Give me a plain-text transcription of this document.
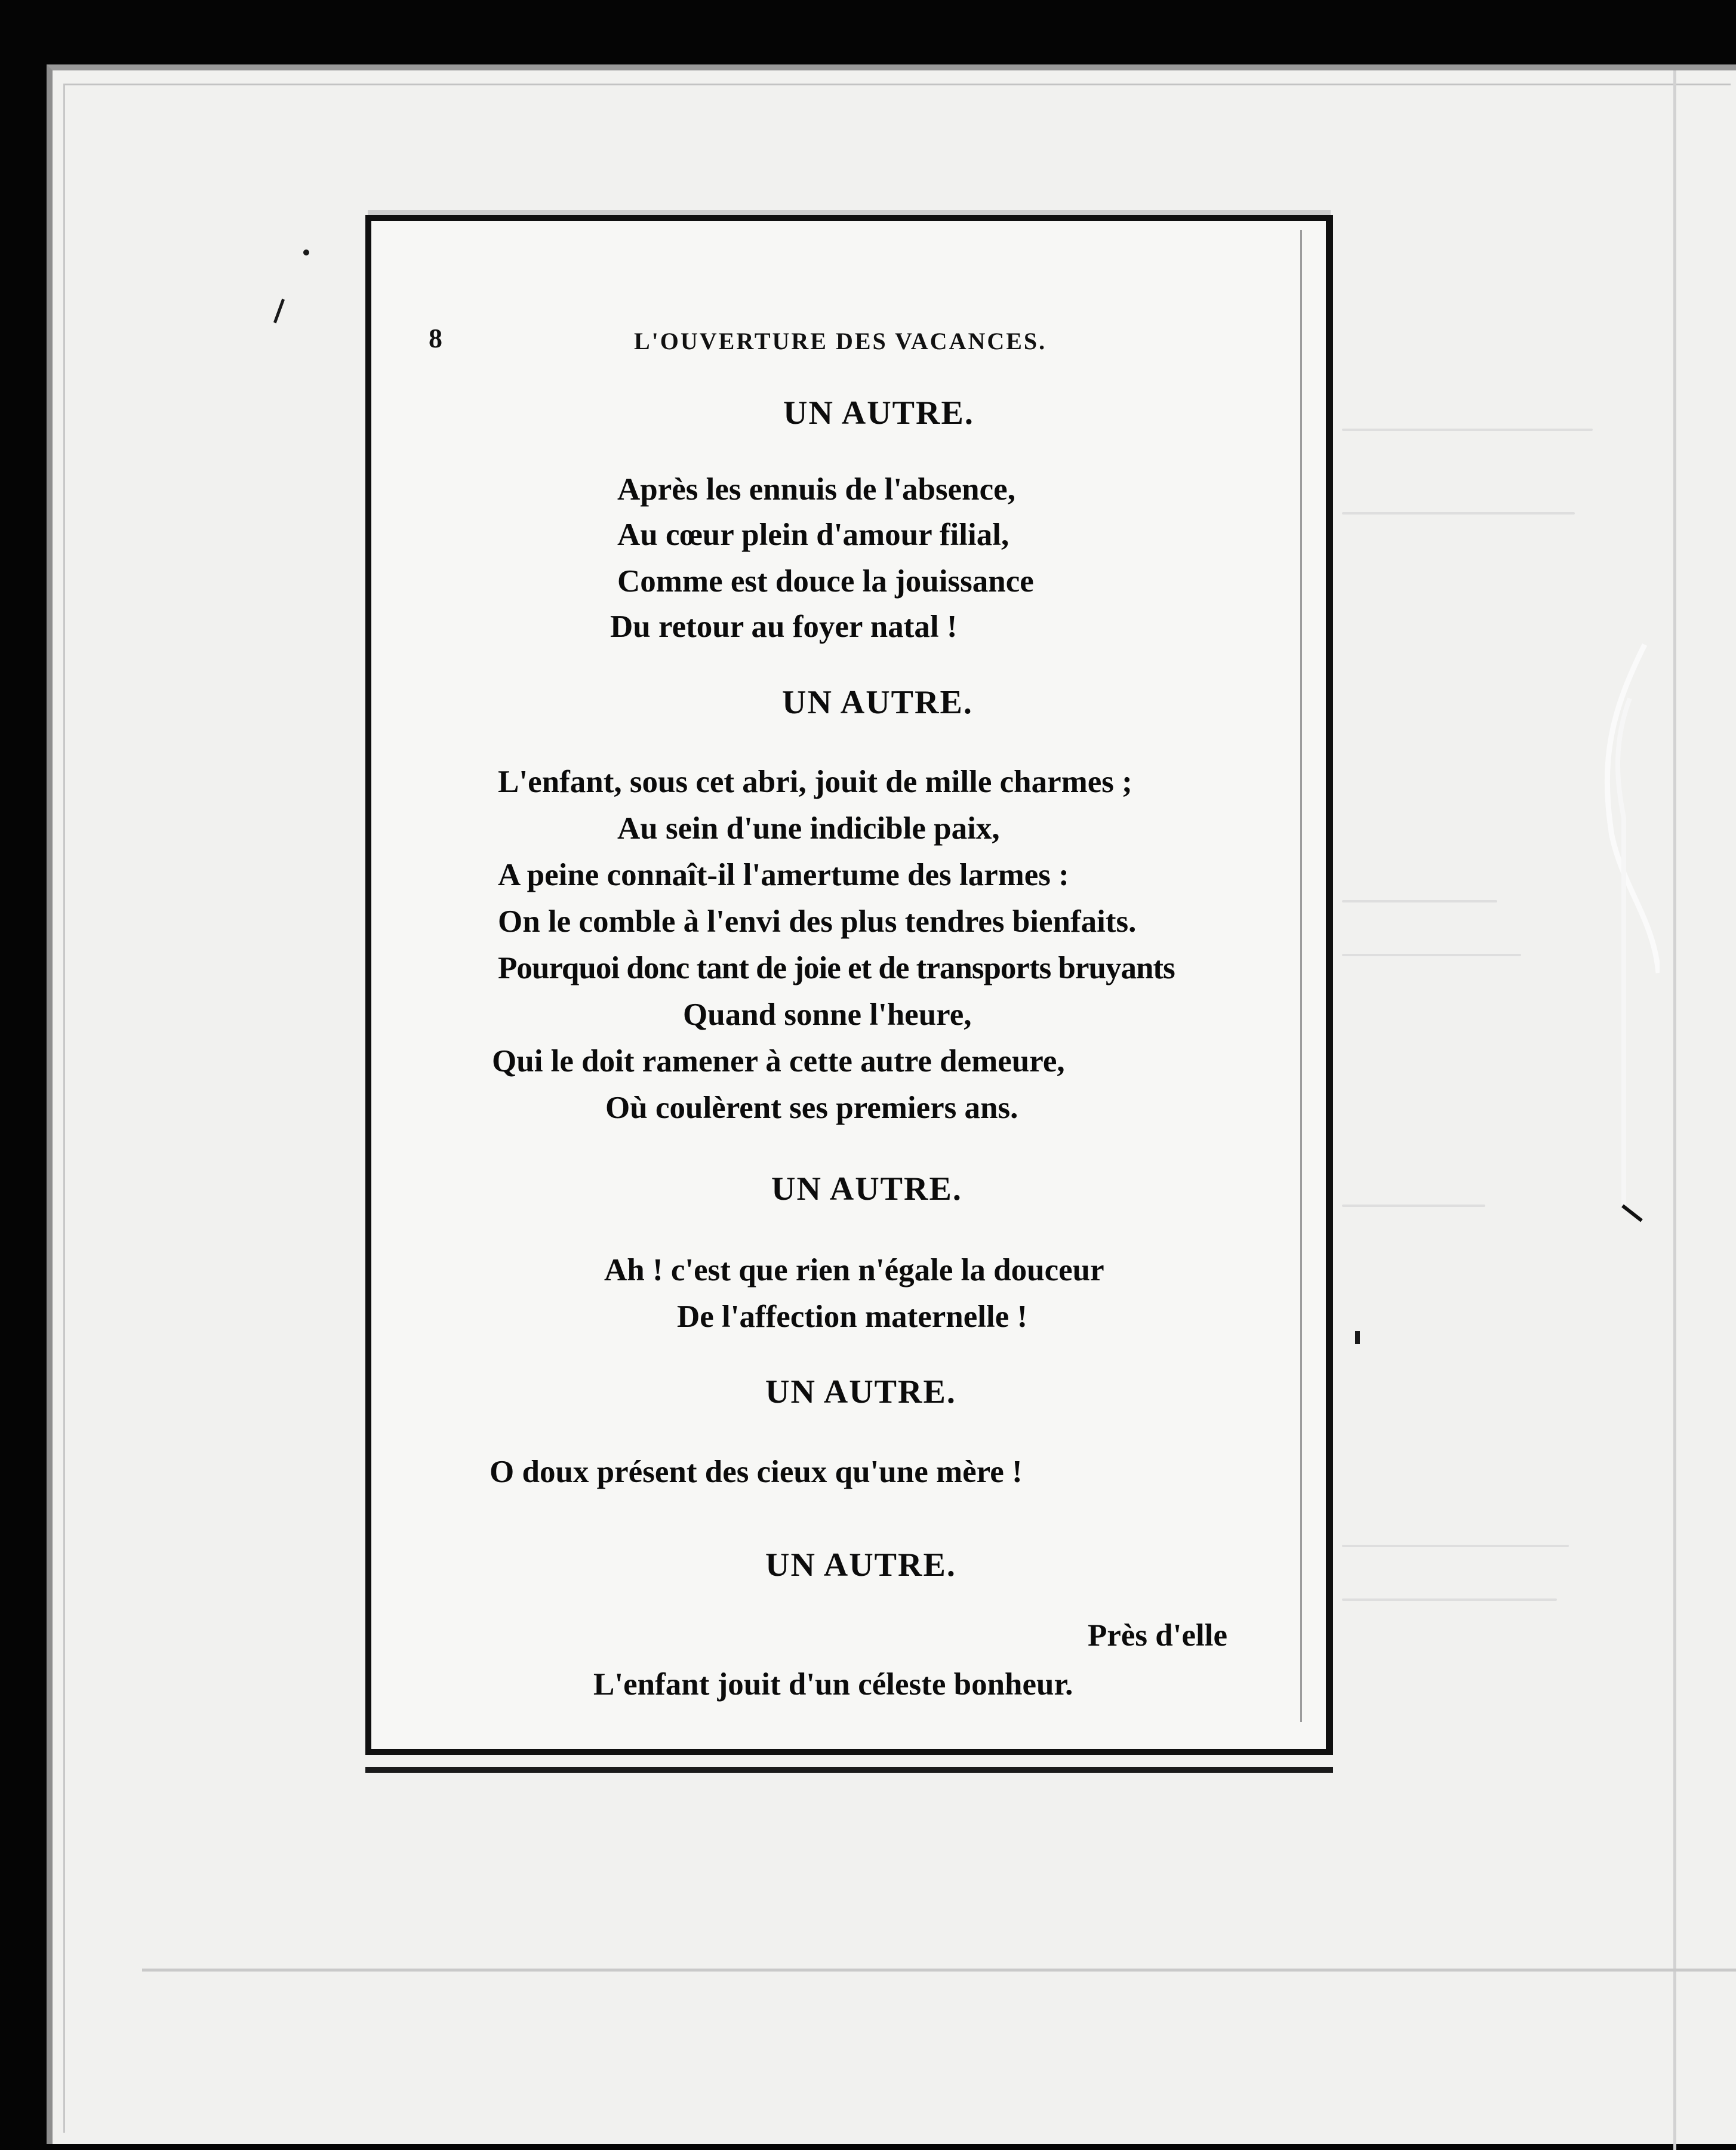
8	L'OUVERTURE DES VACANCES.
UN AUTRE.
Après les ennuis de l'absence,
Au cœur plein d'amour filial,
Comme est douce la jouissance
Du retour au foyer natal !
UN AUTRE.
L'enfant, sous cet abri, jouit de mille charmes ;
Au sein d'une indicible paix,
A peine connaît-il l'amertume des larmes :
On le comble à l'envi des plus tendres bienfaits.
Pourquoi donc tant de joie et de transports bruyants
Quand sonne l'heure,
Qui le doit ramener à cette autre demeure,
Où coulèrent ses premiers ans.
UN AUTRE.
Ah ! c'est que rien n'égale la douceur
De l'affection maternelle !
UN AUTRE.
O doux présent des cieux qu'une mère !
UN AUTRE.
Près d'elle
L'enfant jouit d'un céleste bonheur.
